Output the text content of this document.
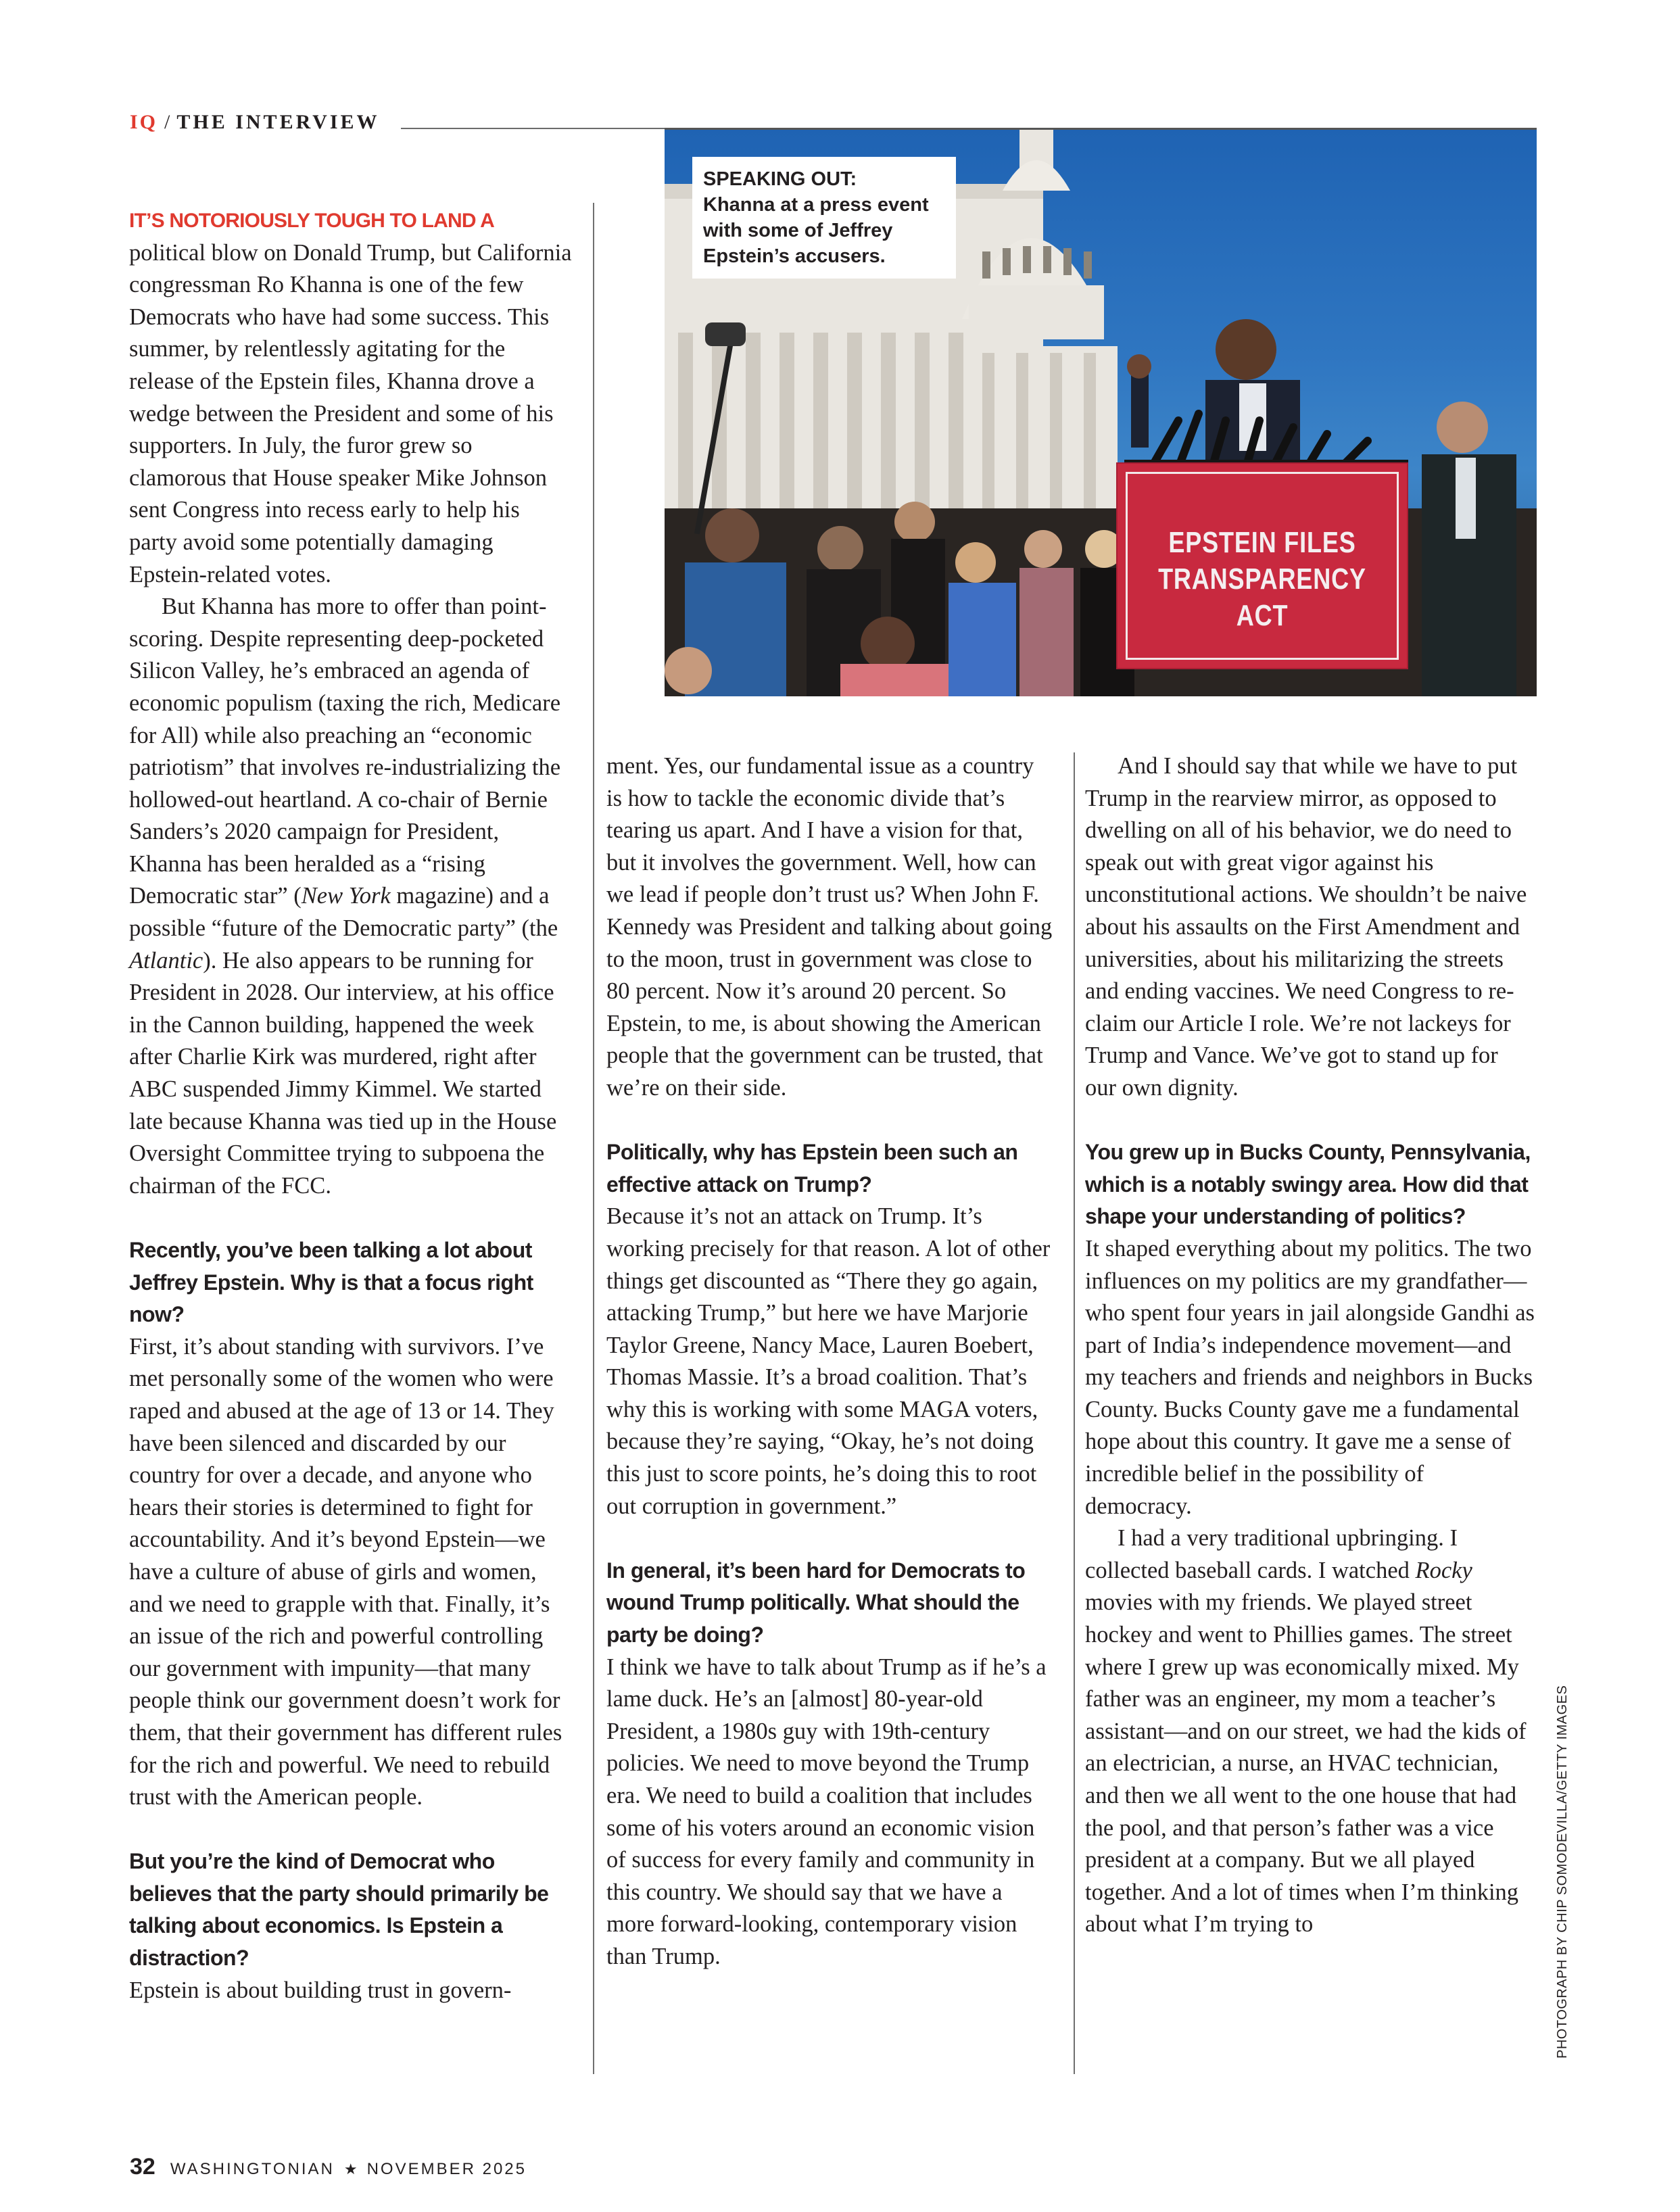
IQ / THE INTERVIEW
EPSTEIN FILES
TRANSPARENCY ACT
SPEAKING OUT:
Khanna at a press event with some of Jeffrey Epstein’s accusers.

IT’S NOTORIOUSLY TOUGH TO LAND A
political blow on Donald Trump, but California congressman Ro Khanna is one of the few Democrats who have had some success. This summer, by relentlessly agitating for the release of the Epstein files, Khanna drove a wedge between the President and some of his supporters. In July, the furor grew so clamorous that House speaker Mike Johnson sent Congress into recess early to help his party avoid some potentially damaging Epstein-related votes.

But Khanna has more to offer than point-scoring. Despite representing deep-pocketed Silicon Valley, he’s embraced an agenda of economic populism (taxing the rich, Medicare for All) while also preaching an “economic patriotism” that involves re-industrializing the hollowed-out heartland. A co-chair of Bernie Sanders’s 2020 campaign for President, Khanna has been heralded as a “rising Democratic star” (New York magazine) and a possible “future of the Democratic party” (the Atlantic). He also appears to be running for President in 2028. Our interview, at his office in the Cannon building, happened the week after Charlie Kirk was murdered, right after ABC suspended Jimmy Kimmel. We started late because Khanna was tied up in the House Oversight Committee trying to subpoena the chairman of the FCC.

Recently, you’ve been talking a lot about Jeffrey Epstein. Why is that a focus right now?

First, it’s about standing with survivors. I’ve met personally some of the women who were raped and abused at the age of 13 or 14. They have been silenced and discarded by our country for over a decade, and anyone who hears their stories is determined to fight for accountability. And it’s beyond Epstein—we have a culture of abuse of girls and women, and we need to grapple with that. Finally, it’s an issue of the rich and powerful controlling our government with impunity—that many people think our government doesn’t work for them, that their government has different rules for the rich and powerful. We need to rebuild trust with the American people.

But you’re the kind of Democrat who believes that the party should primarily be talking about economics. Is Epstein a distraction?

Epstein is about building trust in govern-

ment. Yes, our fundamental issue as a country is how to tackle the economic divide that’s tearing us apart. And I have a vision for that, but it involves the government. Well, how can we lead if people don’t trust us? When John F. Kennedy was President and talking about going to the moon, trust in government was close to 80 percent. Now it’s around 20 percent. So Epstein, to me, is about showing the American people that the government can be trusted, that we’re on their side.

Politically, why has Epstein been such an effective attack on Trump?

Because it’s not an attack on Trump. It’s working precisely for that reason. A lot of other things get discounted as “There they go again, attacking Trump,” but here we have Marjorie Taylor Greene, Nancy Mace, Lauren Boebert, Thomas Massie. It’s a broad coalition. That’s why this is working with some MAGA voters, because they’re saying, “Okay, he’s not doing this just to score points, he’s doing this to root out corruption in government.”

In general, it’s been hard for Democrats to wound Trump politically. What should the party be doing?

I think we have to talk about Trump as if he’s a lame duck. He’s an [almost] 80-year-old President, a 1980s guy with 19th-century policies. We need to move beyond the Trump era. We need to build a coalition that includes some of his voters around an economic vision of success for every family and community in this country. We should say that we have a more forward-looking, contemporary vision than Trump.

And I should say that while we have to put Trump in the rearview mirror, as opposed to dwelling on all of his behavior, we do need to speak out with great vigor against his unconstitutional actions. We shouldn’t be naive about his assaults on the First Amendment and universities, about his militarizing the streets and ending vaccines. We need Congress to reclaim our Article I role. We’re not lackeys for Trump and Vance. We’ve got to stand up for our own dignity.

You grew up in Bucks County, Pennsylvania, which is a notably swingy area. How did that shape your understanding of politics?

It shaped everything about my politics. The two influences on my politics are my grandfather—who spent four years in jail alongside Gandhi as part of India’s independence movement—and my teachers and friends and neighbors in Bucks County. Bucks County gave me a fundamental hope about this country. It gave me a sense of incredible belief in the possibility of democracy.

I had a very traditional upbringing. I collected baseball cards. I watched Rocky movies with my friends. We played street hockey and went to Phillies games. The street where I grew up was economically mixed. My father was an engineer, my mom a teacher’s assistant—and on our street, we had the kids of an electrician, a nurse, an HVAC technician, and then we all went to the one house that had the pool, and that person’s father was a vice president at a company. But we all played together. And a lot of times when I’m thinking about what I’m trying to	PHOTOGRAPH BY CHIP SOMODEVILLA/GETTY IMAGES
32 WASHINGTONIAN ★ NOVEMBER 2025
